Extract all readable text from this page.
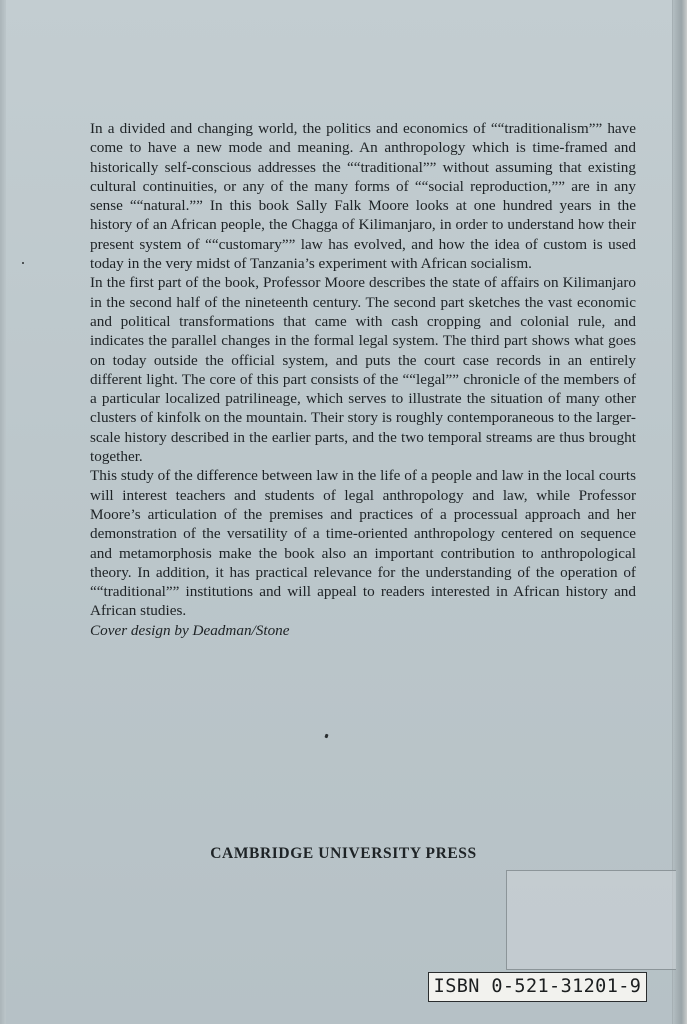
In a divided and changing world, the politics and economics of ““traditionalism”” have come to have a new mode and meaning. An anthropology which is time-framed and historically self-conscious addresses the ““traditional”” without assuming that existing cultural continuities, or any of the many forms of ““social reproduction,”” are in any sense ““natural.”” In this book Sally Falk Moore looks at one hundred years in the history of an African people, the Chagga of Kilimanjaro, in order to understand how their present system of ““customary”” law has evolved, and how the idea of custom is used today in the very midst of Tanzania’s experiment with African socialism.

In the first part of the book, Professor Moore describes the state of affairs on Kilimanjaro in the second half of the nineteenth century. The second part sketches the vast economic and political transformations that came with cash cropping and colonial rule, and indicates the parallel changes in the formal legal system. The third part shows what goes on today outside the official system, and puts the court case records in an entirely different light. The core of this part consists of the ““legal”” chronicle of the members of a particular localized patrilineage, which serves to illustrate the situation of many other clusters of kinfolk on the mountain. Their story is roughly contemporaneous to the larger-scale history described in the earlier parts, and the two temporal streams are thus brought together.

This study of the difference between law in the life of a people and law in the local courts will interest teachers and students of legal anthropology and law, while Professor Moore’s articulation of the premises and practices of a processual approach and her demonstration of the versatility of a time-oriented anthropology centered on sequence and metamorphosis make the book also an important contribution to anthropological theory. In addition, it has practical relevance for the understanding of the operation of ““traditional”” institutions and will appeal to readers interested in African history and African studies.

Cover design by Deadman/Stone

CAMBRIDGE UNIVERSITY PRESS
ISBN 0-521-31201-9
